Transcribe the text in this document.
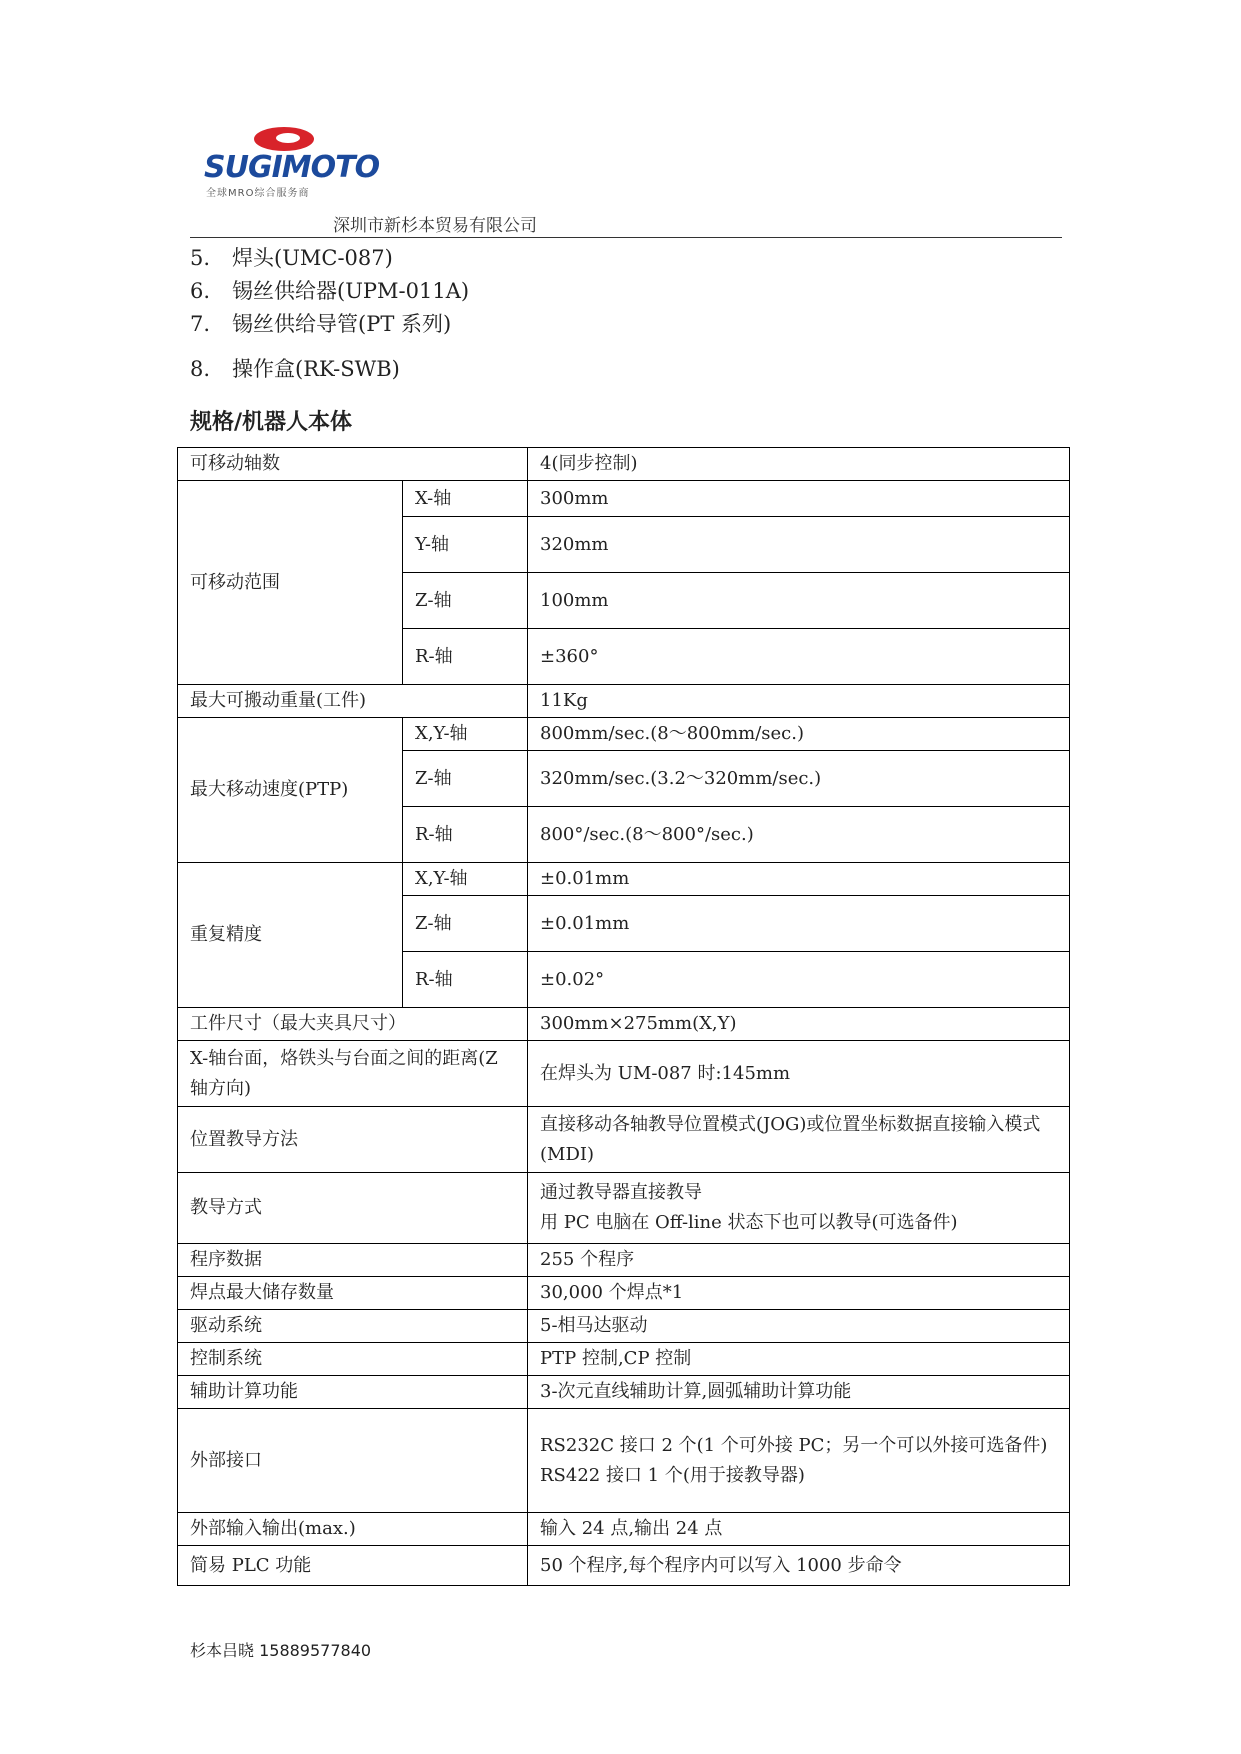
SUGIMOTO
全球MRO综合服务商
深圳市新杉本贸易有限公司
5. 焊头(UMC-087)
6. 锡丝供给器(UPM-011A)
7. 锡丝供给导管(PT 系列)
8. 操作盒(RK-SWB)
规格/机器人本体
可移动轴数		4(同步控制)
可移动范围	X-轴	300mm
	Y-轴	320mm
	Z-轴	100mm
	R-轴	±360°
最大可搬动重量(工件)		11Kg
最大移动速度(PTP)	X,Y-轴	800mm/sec.(8～800mm/sec.)
	Z-轴	320mm/sec.(3.2～320mm/sec.)
	R-轴	800°/sec.(8～800°/sec.)
重复精度	X,Y-轴	±0.01mm
	Z-轴	±0.01mm
	R-轴	±0.02°
工件尺寸（最大夹具尺寸）		300mm×275mm(X,Y)
X-轴台面，烙铁头与台面之间的距离(Z 轴方向)		在焊头为 UM-087 时:145mm
位置教导方法		直接移动各轴教导位置模式(JOG)或位置坐标数据直接输入模式(MDI)
教导方式		通过教导器直接教导
用 PC 电脑在 Off-line 状态下也可以教导(可选备件)

程序数据		255 个程序
焊点最大储存数量		30,000 个焊点*1
驱动系统		5-相马达驱动
控制系统		PTP 控制,CP 控制
辅助计算功能		3-次元直线辅助计算,圆弧辅助计算功能
外部接口		RS232C 接口 2 个(1 个可外接 PC；另一个可以外接可选备件)
RS422 接口 1 个(用于接教导器)

外部输入输出(max.)		输入 24 点,输出 24 点
简易 PLC 功能		50 个程序,每个程序内可以写入 1000 步命令
杉本吕晓 15889577840
